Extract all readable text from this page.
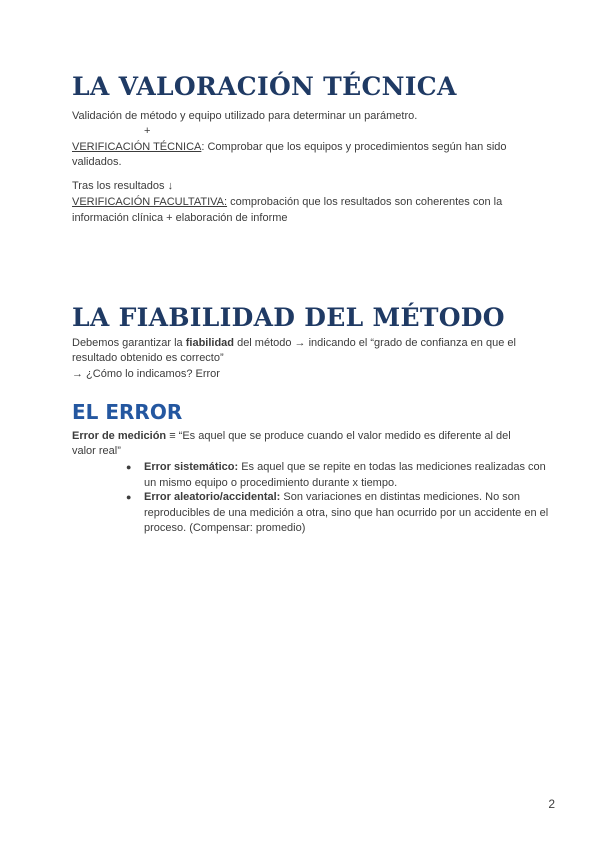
LA VALORACIÓN TÉCNICA
Validación de método y equipo utilizado para determinar un parámetro.
+
VERIFICACIÓN TÉCNICA: Comprobar que los equipos y procedimientos según han sido
validados.
Tras los resultados ↓
VERIFICACIÓN FACULTATIVA: comprobación que los resultados son coherentes con la
información clínica + elaboración de informe
LA FIABILIDAD DEL MÉTODO
Debemos garantizar la fiabilidad del método → indicando el “grado de confianza en que el
resultado obtenido es correcto”
→ ¿Cómo lo indicamos? Error
EL ERROR
Error de medición ≡ “Es aquel que se produce cuando el valor medido es diferente al del
valor real”
● Error sistemático: Es aquel que se repite en todas las mediciones realizadas con un mismo equipo o procedimiento durante x tiempo.
● Error aleatorio/accidental: Son variaciones en distintas mediciones. No son reproducibles de una medición a otra, sino que han ocurrido por un accidente en el proceso. (Compensar: promedio)
2
